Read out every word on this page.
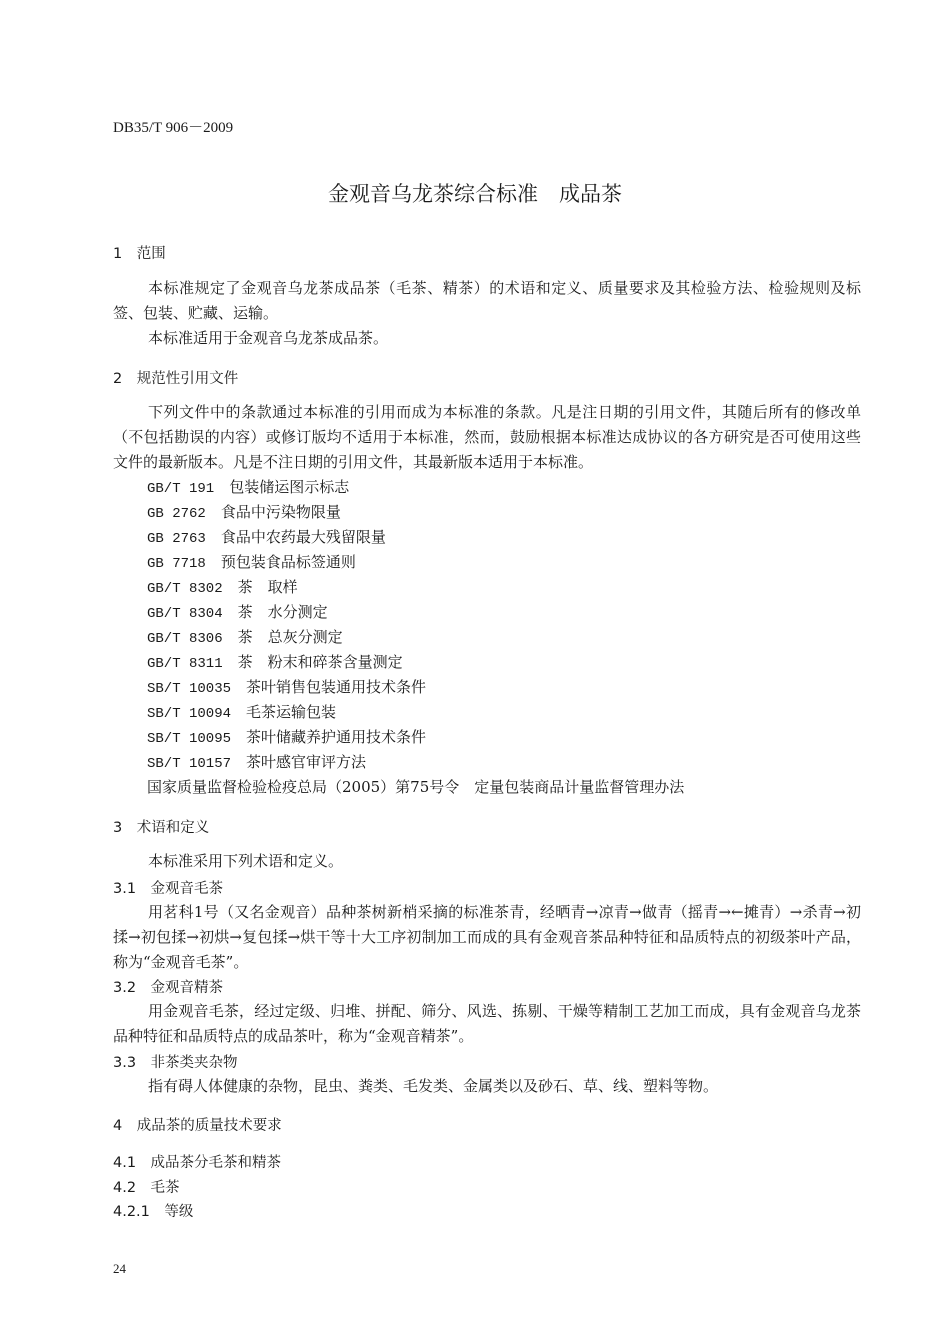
DB35/T 906－2009
金观音乌龙茶综合标准　成品茶
1　范围
本标准规定了金观音乌龙茶成品茶（毛茶、精茶）的术语和定义、质量要求及其检验方法、检验规则及标签、包装、贮藏、运输。
本标准适用于金观音乌龙茶成品茶。
2　规范性引用文件
下列文件中的条款通过本标准的引用而成为本标准的条款。凡是注日期的引用文件，其随后所有的修改单（不包括勘误的内容）或修订版均不适用于本标准，然而，鼓励根据本标准达成协议的各方研究是否可使用这些文件的最新版本。凡是不注日期的引用文件，其最新版本适用于本标准。
GB/T 191　 包装储运图示标志
GB 2762　 食品中污染物限量
GB 2763　 食品中农药最大残留限量
GB 7718　 预包装食品标签通则
GB/T 8302　 茶　取样
GB/T 8304　 茶　水分测定
GB/T 8306　 茶　总灰分测定
GB/T 8311　 茶　粉末和碎茶含量测定
SB/T 10035　 茶叶销售包装通用技术条件
SB/T 10094　 毛茶运输包装
SB/T 10095　 茶叶储藏养护通用技术条件
SB/T 10157　 茶叶感官审评方法
国家质量监督检验检疫总局（2005）第75号令　定量包装商品计量监督管理办法
3　术语和定义
本标准采用下列术语和定义。
3.1　金观音毛茶
用茗科1号（又名金观音）品种茶树新梢采摘的标准茶青，经晒青→凉青→做青（摇青→←摊青）→杀青→初揉→初包揉→初烘→复包揉→烘干等十大工序初制加工而成的具有金观音茶品种特征和品质特点的初级茶叶产品，称为“金观音毛茶”。
3.2　金观音精茶
用金观音毛茶，经过定级、归堆、拼配、筛分、风选、拣剔、干燥等精制工艺加工而成，具有金观音乌龙茶品种特征和品质特点的成品茶叶，称为“金观音精茶”。
3.3　非茶类夹杂物
指有碍人体健康的杂物，昆虫、粪类、毛发类、金属类以及砂石、草、线、塑料等物。
4　成品茶的质量技术要求
4.1　成品茶分毛茶和精茶
4.2　毛茶
4.2.1　等级
24
